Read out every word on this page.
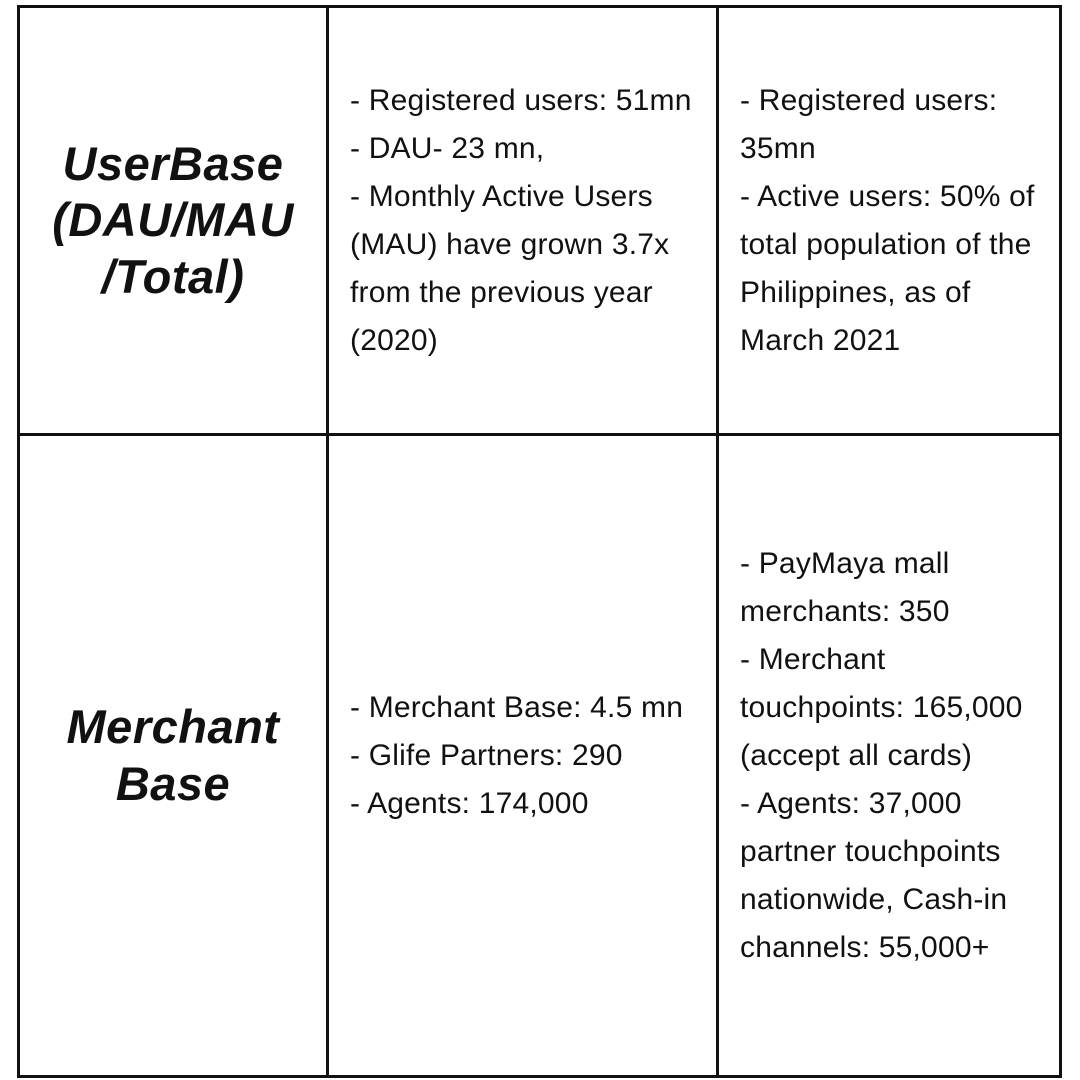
UserBase
(DAU/MAU
/Total)

- Registered users: 51mn
- DAU- 23 mn,
- Monthly Active Users (MAU) have grown 3.7x from the previous year (2020)
- Registered users: 35mn
- Active users: 50% of total population of the Philippines, as of March 2021

Merchant
Base

- Merchant Base: 4.5 mn
- Glife Partners: 290
- Agents: 174,000
- PayMaya mall merchants: 350
- Merchant touchpoints: 165,000 (accept all cards)
- Agents: 37,000 partner touchpoints nationwide, Cash-in channels: 55,000+
